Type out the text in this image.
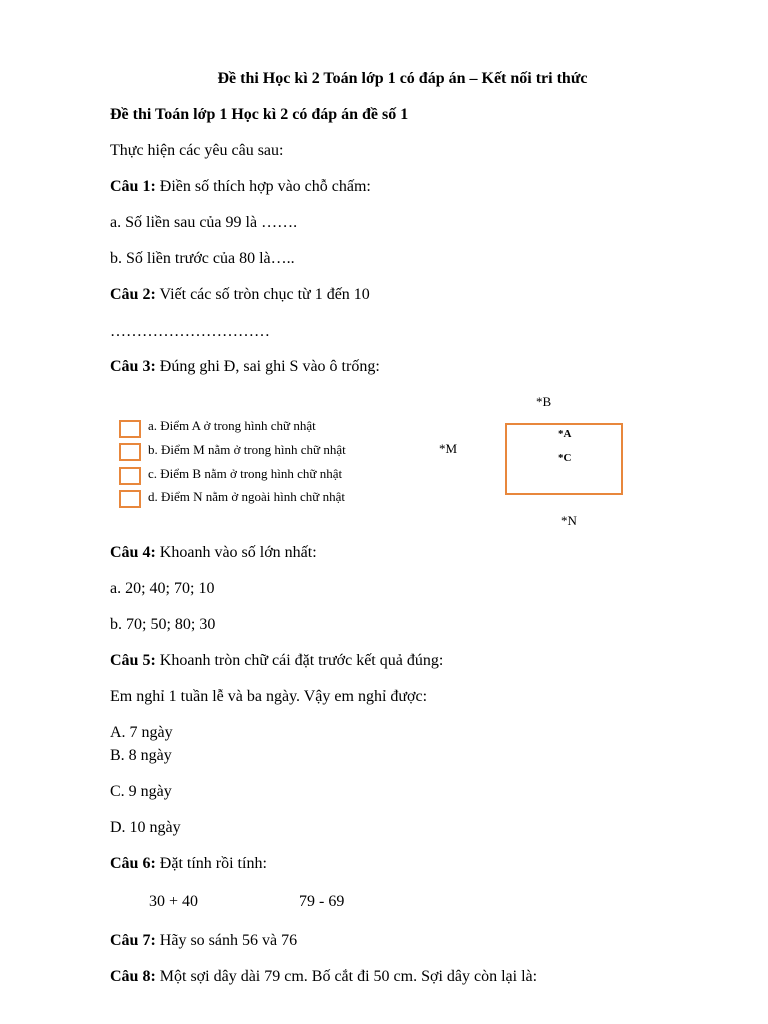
Đề thi Học kì 2 Toán lớp 1 có đáp án – Kết nối tri thức
Đề thi Toán lớp 1 Học kì 2 có đáp án đề số 1
Thực hiện các yêu câu sau:
Câu 1: Điền số thích hợp vào chỗ chấm:
a. Số liền sau của 99 là …….
b. Số liền trước của 80 là…..
Câu 2: Viết các số tròn chục từ 1 đến 10
…………………………
Câu 3: Đúng ghi Đ, sai ghi S vào ô trống:
a. Điểm A ở trong hình chữ nhật
b. Điểm M nằm ở trong hình chữ nhật
c. Điểm B nằm ở trong hình chữ nhật
d. Điểm N nằm ở ngoài hình chữ nhật
*M
*B
*A
*C
*N
Câu 4: Khoanh vào số lớn nhất:
a. 20; 40; 70; 10
b. 70; 50; 80; 30
Câu 5: Khoanh tròn chữ cái đặt trước kết quả đúng:
Em nghỉ 1 tuần lễ và ba ngày. Vậy em nghỉ được:
A. 7 ngày
B. 8 ngày
C. 9 ngày
D. 10 ngày
Câu 6: Đặt tính rồi tính:
30 + 40	79 - 69
Câu 7: Hãy so sánh 56 và 76
Câu 8: Một sợi dây dài 79 cm. Bố cắt đi 50 cm. Sợi dây còn lại là:
